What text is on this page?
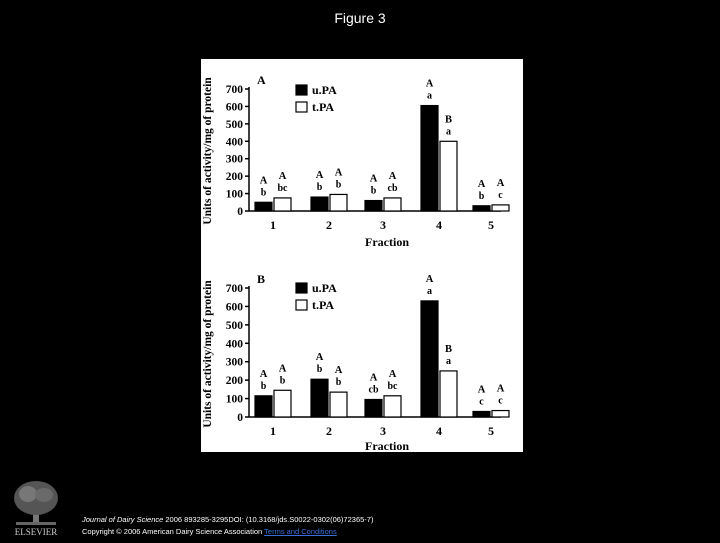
Figure 3
Units of activity/mg of protein	A
0
100
200
300
400
500
600
700	u.PA
t.PA
A
b
A
bc
1
A
b
A
b
2
A
b
A
cb
3
A
a
B
a
4
A
b
A
c
5
Fraction
Units of activity/mg of protein
B
0
100
200
300
400
500
600
700	u.PA
t.PA
A
b
A
b
1
A
b A
b
2
A
cb
A
bc
3
A
a
B
a
4
A
c
A
c
5
Fraction
ELSEVIER
Journal of Dairy Science 2006 893285-3295DOI: (10.3168/jds.S0022-0302(06)72365-7)
Copyright © 2006 American Dairy Science Association Terms and Conditions
